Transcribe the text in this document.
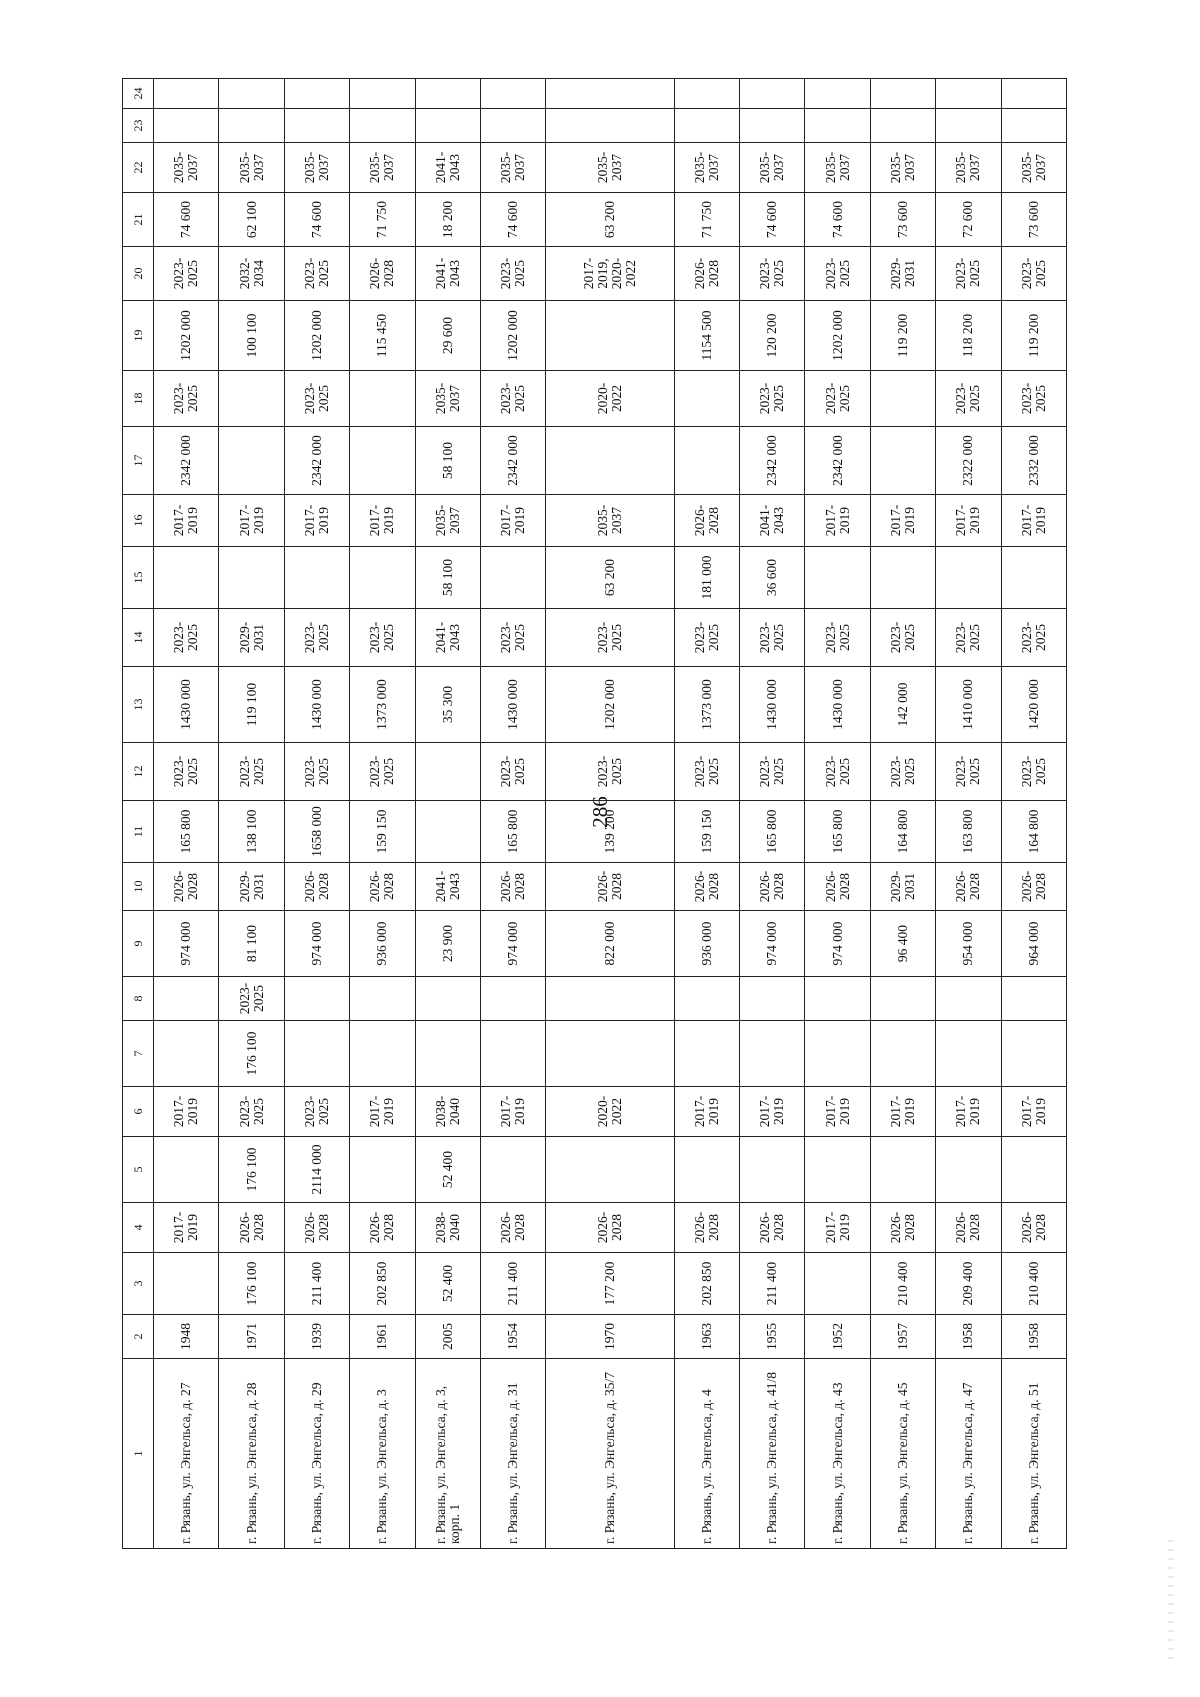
286
1	2	3	4	5	6	7	8	9	10	11	12	13	14	15	16	17	18	19	20	21	22	23	24
г. Рязань, ул. Энгельса, д. 27	1948		2017-2019		2017-2019			974 000	2026-2028	165 800	2023-2025	1430 000	2023-2025		2017-2019	2342 000	2023-2025	1202 000	2023-2025	74 600	2035-2037		
г. Рязань, ул. Энгельса, д. 28	1971	176 100	2026-2028	176 100	2023-2025	176 100	2023-2025	81 100	2029-2031	138 100	2023-2025	119 100	2029-2031		2017-2019			100 100	2032-2034	62 100	2035-2037		
г. Рязань, ул. Энгельса, д. 29	1939	211 400	2026-2028	2114 000	2023-2025			974 000	2026-2028	1658 000	2023-2025	1430 000	2023-2025		2017-2019	2342 000	2023-2025	1202 000	2023-2025	74 600	2035-2037		
г. Рязань, ул. Энгельса, д. 3	1961	202 850	2026-2028		2017-2019			936 000	2026-2028	159 150	2023-2025	1373 000	2023-2025		2017-2019			115 450	2026-2028	71 750	2035-2037		
г. Рязань, ул. Энгельса, д. 3, корп. 1	2005	52 400	2038-2040	52 400	2038-2040			23 900	2041-2043			35 300	2041-2043	58 100	2035-2037	58 100	2035-2037	29 600	2041-2043	18 200	2041-2043		
г. Рязань, ул. Энгельса, д. 31	1954	211 400	2026-2028		2017-2019			974 000	2026-2028	165 800	2023-2025	1430 000	2023-2025		2017-2019	2342 000	2023-2025	1202 000	2023-2025	74 600	2035-2037		
г. Рязань, ул. Энгельса, д. 35/7	1970	177 200	2026-2028		2020-2022			822 000	2026-2028	139 200	2023-2025	1202 000	2023-2025	63 200	2035-2037		2020-2022		2017-2019, 2020-2022	63 200	2035-2037		
г. Рязань, ул. Энгельса, д. 4	1963	202 850	2026-2028		2017-2019			936 000	2026-2028	159 150	2023-2025	1373 000	2023-2025	181 000	2026-2028			1154 500	2026-2028	71 750	2035-2037		
г. Рязань, ул. Энгельса, д. 41/8	1955	211 400	2026-2028		2017-2019			974 000	2026-2028	165 800	2023-2025	1430 000	2023-2025	36 600	2041-2043	2342 000	2023-2025	120 200	2023-2025	74 600	2035-2037		
г. Рязань, ул. Энгельса, д. 43	1952		2017-2019		2017-2019			974 000	2026-2028	165 800	2023-2025	1430 000	2023-2025		2017-2019	2342 000	2023-2025	1202 000	2023-2025	74 600	2035-2037		
г. Рязань, ул. Энгельса, д. 45	1957	210 400	2026-2028		2017-2019			96 400	2029-2031	164 800	2023-2025	142 000	2023-2025		2017-2019			119 200	2029-2031	73 600	2035-2037		
г. Рязань, ул. Энгельса, д. 47	1958	209 400	2026-2028		2017-2019			954 000	2026-2028	163 800	2023-2025	1410 000	2023-2025		2017-2019	2322 000	2023-2025	118 200	2023-2025	72 600	2035-2037		
г. Рязань, ул. Энгельса, д. 51	1958	210 400	2026-2028		2017-2019			964 000	2026-2028	164 800	2023-2025	1420 000	2023-2025		2017-2019	2332 000	2023-2025	119 200	2023-2025	73 600	2035-2037		
